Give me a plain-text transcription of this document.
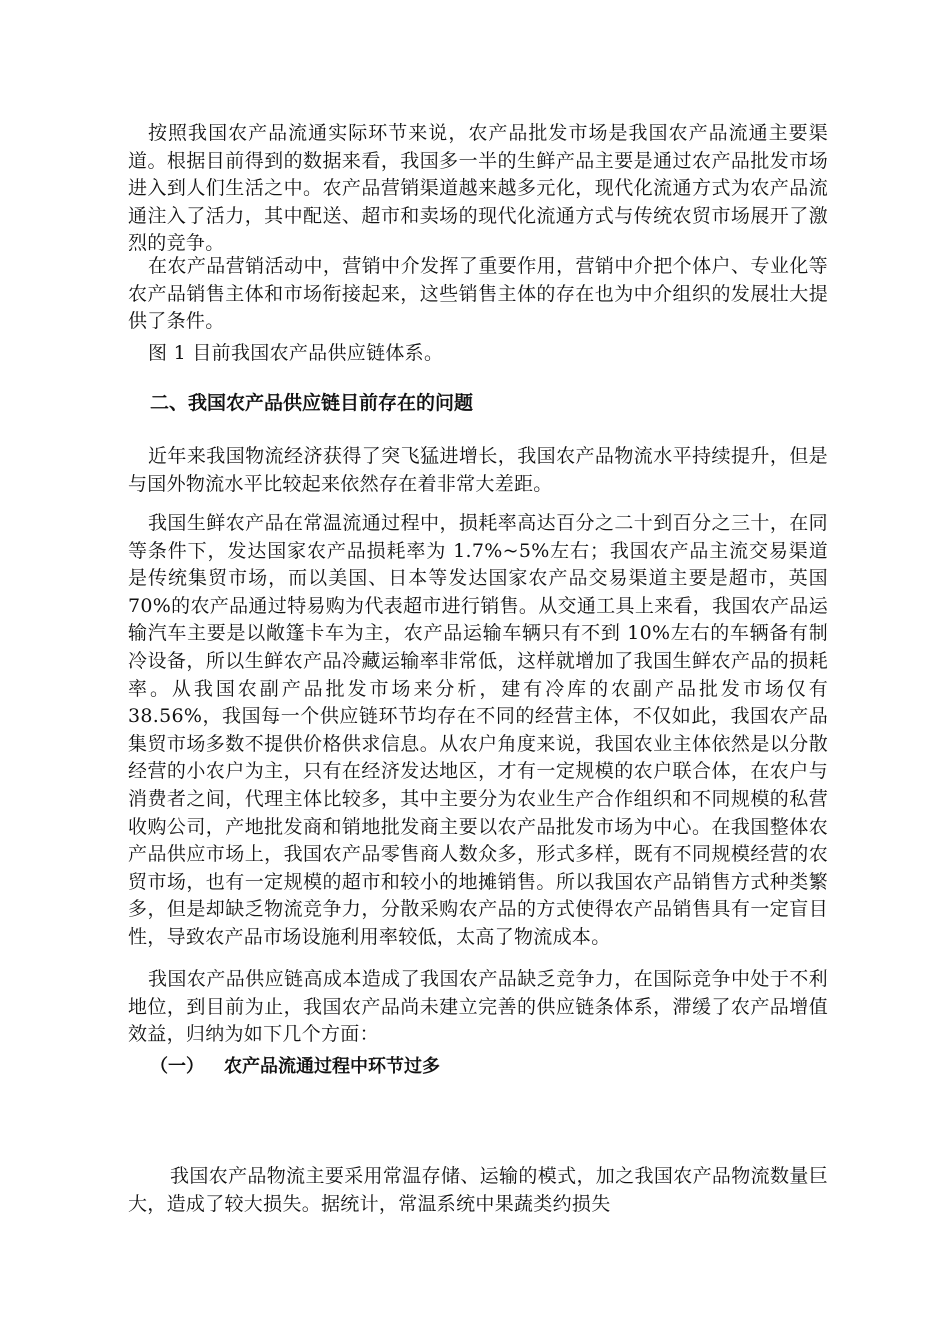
按照我国农产品流通实际环节来说，农产品批发市场是我国农产品流通主要渠道。根据目前得到的数据来看，我国多一半的生鲜产品主要是通过农产品批发市场进入到人们生活之中。农产品营销渠道越来越多元化，现代化流通方式为农产品流通注入了活力，其中配送、超市和卖场的现代化流通方式与传统农贸市场展开了激烈的竞争。

在农产品营销活动中，营销中介发挥了重要作用，营销中介把个体户、专业化等农产品销售主体和市场衔接起来，这些销售主体的存在也为中介组织的发展壮大提供了条件。

图 1 目前我国农产品供应链体系。

二、我国农产品供应链目前存在的问题

近年来我国物流经济获得了突飞猛进增长，我国农产品物流水平持续提升，但是与国外物流水平比较起来依然存在着非常大差距。

我国生鲜农产品在常温流通过程中，损耗率高达百分之二十到百分之三十，在同等条件下，发达国家农产品损耗率为 1.7%~5%左右；我国农产品主流交易渠道是传统集贸市场，而以美国、日本等发达国家农产品交易渠道主要是超市，英国 70%的农产品通过特易购为代表超市进行销售。从交通工具上来看，我国农产品运输汽车主要是以敞篷卡车为主，农产品运输车辆只有不到 10%左右的车辆备有制冷设备，所以生鲜农产品冷藏运输率非常低，这样就增加了我国生鲜农产品的损耗率。从我国农副产品批发市场来分析，建有冷库的农副产品批发市场仅有 38.56%，我国每一个供应链环节均存在不同的经营主体，不仅如此，我国农产品集贸市场多数不提供价格供求信息。从农户角度来说，我国农业主体依然是以分散经营的小农户为主，只有在经济发达地区，才有一定规模的农户联合体，在农户与消费者之间，代理主体比较多，其中主要分为农业生产合作组织和不同规模的私营收购公司，产地批发商和销地批发商主要以农产品批发市场为中心。在我国整体农产品供应市场上，我国农产品零售商人数众多，形式多样，既有不同规模经营的农贸市场，也有一定规模的超市和较小的地摊销售。所以我国农产品销售方式种类繁多，但是却缺乏物流竞争力，分散采购农产品的方式使得农产品销售具有一定盲目性，导致农产品市场设施利用率较低，太高了物流成本。

我国农产品供应链高成本造成了我国农产品缺乏竞争力，在国际竞争中处于不利地位，到目前为止，我国农产品尚未建立完善的供应链条体系，滞缓了农产品增值效益，归纳为如下几个方面：

（一） 农产品流通过程中环节过多

我国农产品物流主要采用常温存储、运输的模式，加之我国农产品物流数量巨大，造成了较大损失。据统计，常温系统中果蔬类约损失
